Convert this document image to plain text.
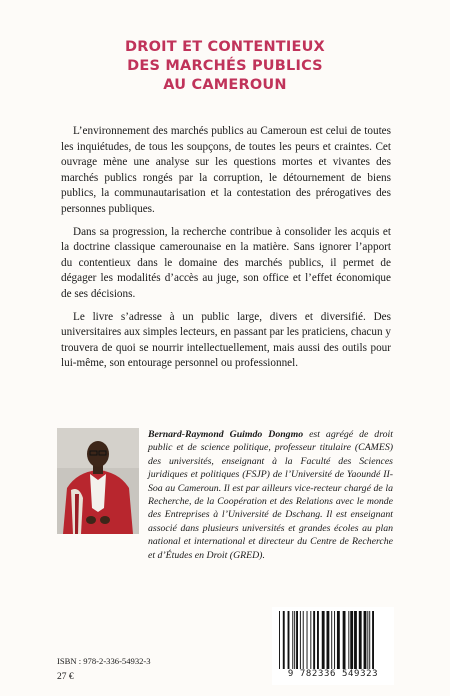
DROIT ET CONTENTIEUX
DES MARCHÉS PUBLICS
AU CAMEROUN

L’environnement des marchés publics au Cameroun est celui de toutes les inquiétudes, de tous les soupçons, de toutes les peurs et craintes. Cet ouvrage mène une analyse sur les questions mortes et vivantes des marchés publics rongés par la corruption, le détournement de biens publics, la communautarisation et la contestation des prérogatives des personnes publiques.

Dans sa progression, la recherche contribue à consolider les acquis et la doctrine classique camerounaise en la matière. Sans ignorer l’apport du contentieux dans le domaine des marchés publics, il permet de dégager les modalités d’accès au juge, son office et l’effet économique de ses décisions.

Le livre s’adresse à un public large, divers et diversifié. Des universitaires aux simples lecteurs, en passant par les praticiens, chacun y trouvera de quoi se nourrir intellectuellement, mais aussi des outils pour lui-même, son entourage personnel ou professionnel.

Bernard-Raymond Guimdo Dongmo est agrégé de droit public et de science politique, professeur titulaire (CAMES) des universités, enseignant à la Faculté des Sciences juridiques et politiques (FSJP) de l’Université de Yaoundé II-Soa au Cameroun. Il est par ailleurs vice-recteur chargé de la Recherche, de la Coopération et des Relations avec le monde des Entreprises à l’Université de Dschang. Il est enseignant associé dans plusieurs universités et grandes écoles au plan national et international et directeur du Centre de Recherche et d’Études en Droit (GRED).
ISBN : 978-2-336-54932-3
27 €	9 782336 549323
